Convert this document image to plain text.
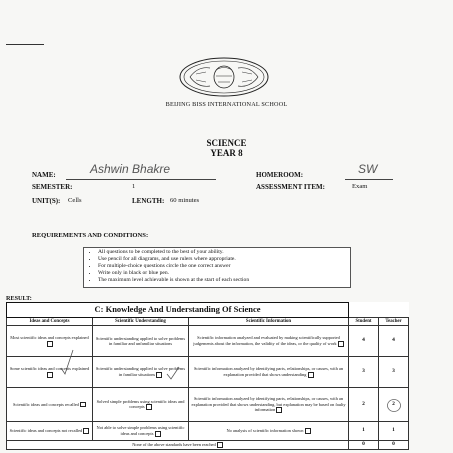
BEIJING BISS INTERNATIONAL SCHOOL
SCIENCE
YEAR 8
NAME:	Ashwin Bhakre	HOMEROOM:	SW
SEMESTER:	1	ASSESSMENT ITEM:	Exam
UNIT(S): Cells	LENGTH: 60 minutes
REQUIREMENTS AND CONDITIONS:
• All questions to be completed to the best of your ability.
• Use pencil for all diagrams, and use rulers where appropriate.
• For multiple-choice questions circle the one correct answer
• Write only in black or blue pen.
• The maximum level achievable is shown at the start of each section
RESULT:
C: Knowledge And Understanding Of Science				
Ideas and Concepts	Scientific Understanding	Scientific Information	Student	Teacher
Most scientific ideas and concepts explained	Scientific understanding applied to solve problems in familiar and unfamiliar situations	Scientific information analyzed and evaluated by making scientifically supported judgements about the information, the validity of the ideas, or the quality of work	4	4
Some scientific ideas and concepts explained	Scientific understanding applied to solve problems in familiar situations	Scientific information analyzed by identifying parts, relationships, or causes, with an explanation provided that shows understanding	3	3
Scientific ideas and concepts recalled	Solved simple problems using scientific ideas and concepts	Scientific information analyzed by identifying parts, relationships, or causes, with an explanation provided that shows understanding, but explanation may be based on faulty information	2	2

Scientific ideas and concepts not recalled	Not able to solve simple problems using scientific ideas and concepts	No analysis of scientific information shown	1	1
None of the above standards have been reached			0	0
